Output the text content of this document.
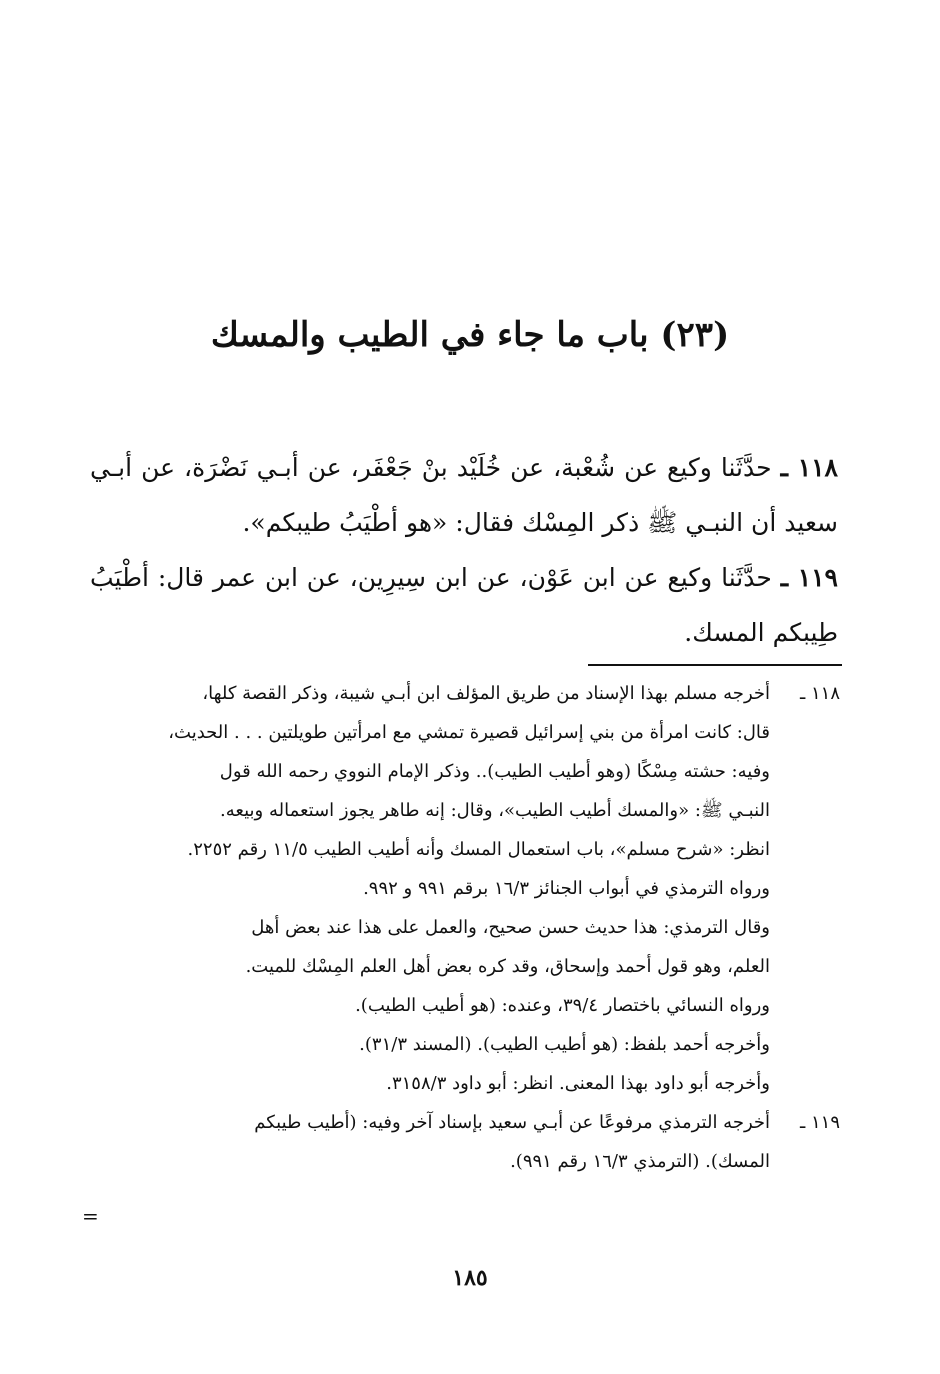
(٢٣) باب ما جاء في الطيب والمسك

١١٨ ـ حدَّثَنا وكيع عن شُعْبة، عن خُلَيْد بنْ جَعْفَر، عن أبـي نَضْرَة، عن أبـي سعيد أن النبـي ﷺ ذكر المِسْك فقال: «هو أطْيَبُ طيبكم».

١١٩ ـ حدَّثَنا وكيع عن ابن عَوْن، عن ابن سِيرِين، عن ابن عمر قال: أطْيَبُ طِيبكم المسك.

١١٨ ـ
أخرجه مسلم بهذا الإسناد من طريق المؤلف ابن أبـي شيبة، وذكر القصة كلها،
قال: كانت امرأة من بني إسرائيل قصيرة تمشي مع امرأتين طويلتين . . . الحديث،
وفيه: حشته مِسْكًا (وهو أطيب الطيب).. وذكر الإمام النووي رحمه الله قول
النبـي ﷺ: «والمسك أطيب الطيب»، وقال: إنه طاهر يجوز استعماله وبيعه.
انظر: «شرح مسلم»، باب استعمال المسك وأنه أطيب الطيب ١١/٥ رقم ٢٢٥٢.
ورواه الترمذي في أبواب الجنائز ١٦/٣ برقم ٩٩١ و ٩٩٢.
وقال الترمذي: هذا حديث حسن صحيح، والعمل على هذا عند بعض أهل
العلم، وهو قول أحمد وإسحاق، وقد كره بعض أهل العلم المِسْك للميت.
ورواه النسائي باختصار ٣٩/٤، وعنده: (هو أطيب الطيب).
وأخرجه أحمد بلفظ: (هو أطيب الطيب). (المسند ٣١/٣).
وأخرجه أبو داود بهذا المعنى. انظر: أبو داود ٣١٥٨/٣.
١١٩ ـ
أخرجه الترمذي مرفوعًا عن أبـي سعيد بإسناد آخر وفيه: (أطيب طيبكم
المسك). (الترمذي ١٦/٣ رقم ٩٩١).
=
١٨٥
